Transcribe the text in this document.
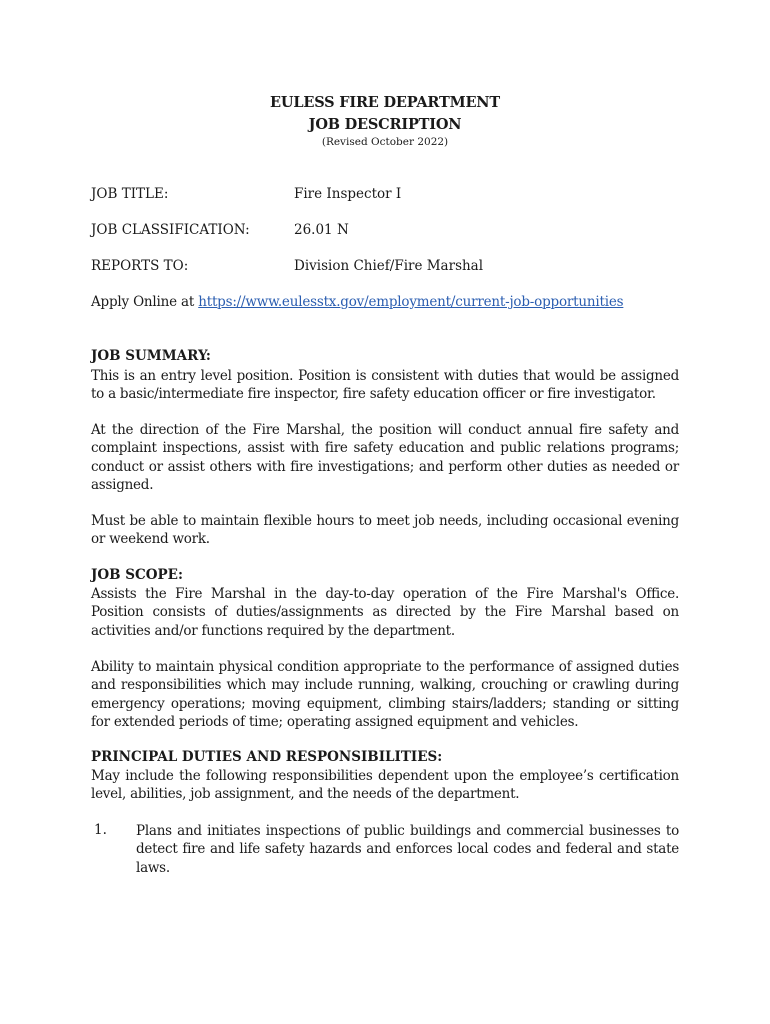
EULESS FIRE DEPARTMENT
JOB DESCRIPTION
(Revised October 2022)
JOB TITLE:	Fire Inspector I
JOB CLASSIFICATION:	26.01 N
REPORTS TO:	Division Chief/Fire Marshal
Apply Online at https://www.eulesstx.gov/employment/current-job-opportunities
JOB SUMMARY:
This is an entry level position. Position is consistent with duties that would be assigned to a basic/intermediate fire inspector, fire safety education officer or fire investigator.
At the direction of the Fire Marshal, the position will conduct annual fire safety and complaint inspections, assist with fire safety education and public relations programs; conduct or assist others with fire investigations; and perform other duties as needed or assigned.
Must be able to maintain flexible hours to meet job needs, including occasional evening or weekend work.
JOB SCOPE:
Assists the Fire Marshal in the day-to-day operation of the Fire Marshal's Office. Position consists of duties/assignments as directed by the Fire Marshal based on activities and/or functions required by the department.
Ability to maintain physical condition appropriate to the performance of assigned duties and responsibilities which may include running, walking, crouching or crawling during emergency operations; moving equipment, climbing stairs/ladders; standing or sitting for extended periods of time; operating assigned equipment and vehicles.
PRINCIPAL DUTIES AND RESPONSIBILITIES:
May include the following responsibilities dependent upon the employee’s certification level, abilities, job assignment, and the needs of the department.
1. Plans and initiates inspections of public buildings and commercial businesses to detect fire and life safety hazards and enforces local codes and federal and state laws.
